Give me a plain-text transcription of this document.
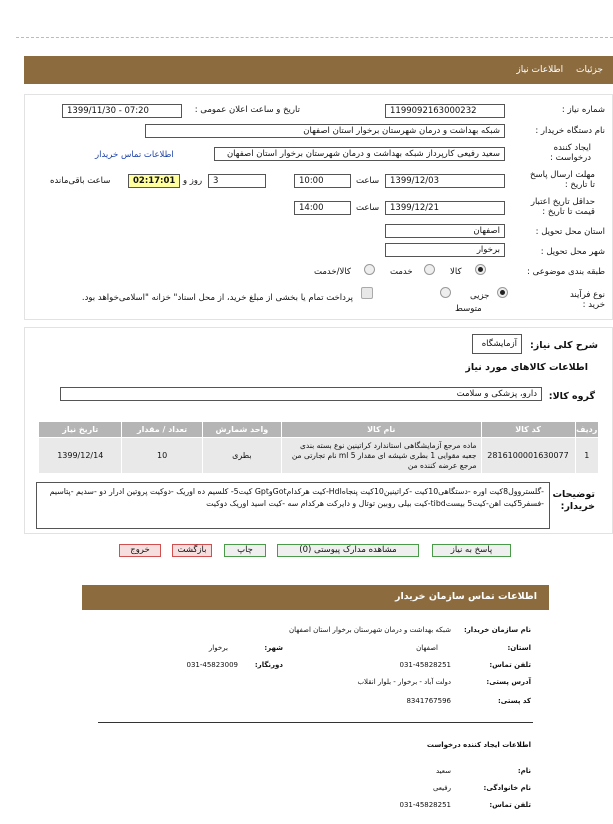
جزئیات اطلاعات نیاز
شماره نیاز :
1199092163000232
تاریخ و ساعت اعلان عمومی :
1399/11/30 - 07:20
نام دستگاه خریدار :
شبکه بهداشت و درمان شهرستان برخوار استان اصفهان
ایجاد کننده درخواست :
سعید رفیعی کارپرداز شبکه بهداشت و درمان شهرستان برخوار استان اصفهان
اطلاعات تماس خریدار
مهلت ارسال پاسخ تا تاریخ :
1399/12/03
ساعت
10:00
3
روز و
02:17:01
ساعت باقی‌مانده
حداقل تاریخ اعتبار قیمت تا تاریخ :
1399/12/21
ساعت
14:00
استان محل تحویل :
اصفهان
شهر محل تحویل :
برخوار
طبقه بندی موضوعی :
کالا
خدمت
کالا/خدمت
نوع فرآیند خرید :
جزیی
متوسط
پرداخت تمام یا بخشی از مبلغ خرید، از محل اسناد" خزانه "اسلامی‌خواهد بود.
شرح کلی نیاز:
آزمایشگاه
اطلاعات کالاهای مورد نیاز
گروه کالا:
دارو، پزشکی و سلامت
ردیف	کد کالا	نام کالا	واحد شمارش	تعداد / مقدار	تاریخ نیاز
1	2816100001630077	ماده مرجع آزمایشگاهی استاندارد کراتینین نوع بسته بندی جعبه مقوایی 1 بطری شیشه ای مقدار 5 ml نام تجارتی من مرجع عرضه کننده من	بطری	10	1399/12/14
توضیحات خریدار:
-گلستروول8کیت اوره -دستگاهی10کیت -کراتینین10کیت پنجاهHdl-کیت هرکدامGotوGpt کیت5- کلسیم ده اوریک -دوکیت پروتین ادرار دو -سدیم -پتاسیم -فسفر5کیت اهن-کیت5 بیستtibd-کیت بیلی روبین توتال و دایرکت هرکدام سه -کیت اسید اوریک دوکیت
پاسخ به نیاز
مشاهده مدارک پیوستی (0)
چاپ
بازگشت
خروج
اطلاعات تماس سازمان خریدار
نام سازمان خریدار:
شبکه بهداشت و درمان شهرستان برخوار استان اصفهان
استان:
اصفهان
شهر:
برخوار
تلفن تماس:
031-45828251
دورنگار:
031-45823009
آدرس پستی:
دولت آباد - برخوار - بلوار انقلاب
کد پستی:
8341767596
اطلاعات ایجاد کننده درخواست
نام:
سعید
نام خانوادگی:
رفیعی
تلفن تماس:
031-45828251
